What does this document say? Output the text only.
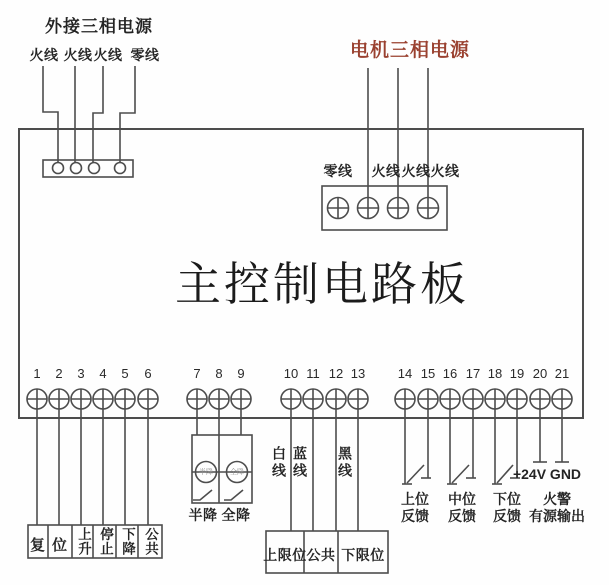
外接三相电源
火线 火线 火线 零线	电机三相电源
零线 火线 火线 火线
主控制电路板
复位 上升 停止 下降 公共
半降 全降
半降 全降
白线 蓝线 黑线
上限位 公共 下限位
上位
反馈
中位
反馈
下位
反馈
+24V GND
火警
有源输出
1 2 3 4 5 6	7 8 9	10 11 12 13	14 15 16 17 18 19 20 21
